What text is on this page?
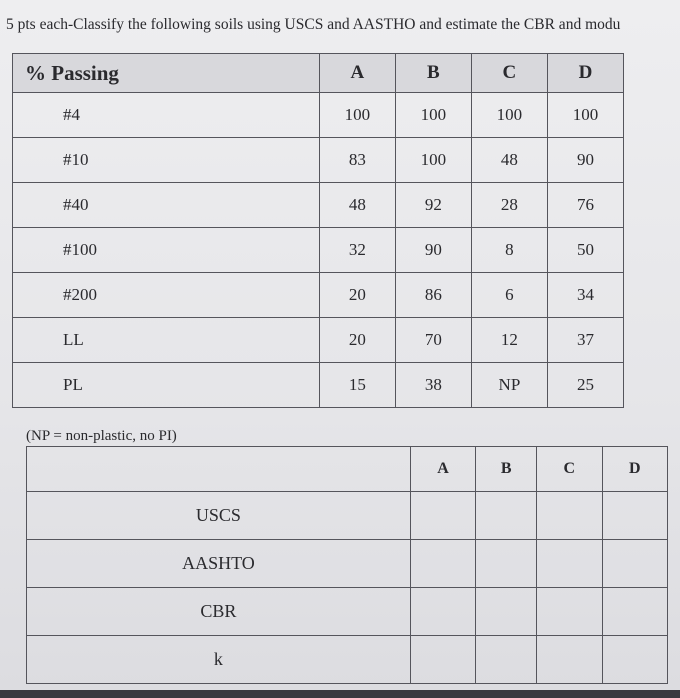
5 pts each-Classify the following soils using USCS and AASTHO and estimate the CBR and modu
% Passing	A	B	C	D
#4	100	100	100	100
#10	83	100	48	90
#40	48	92	28	76
#100	32	90	8	50
#200	20	86	6	34
LL	20	70	12	37
PL	15	38	NP	25
(NP = non-plastic, no PI)
	A	B	C	D
USCS				
AASHTO				
CBR				
k				
